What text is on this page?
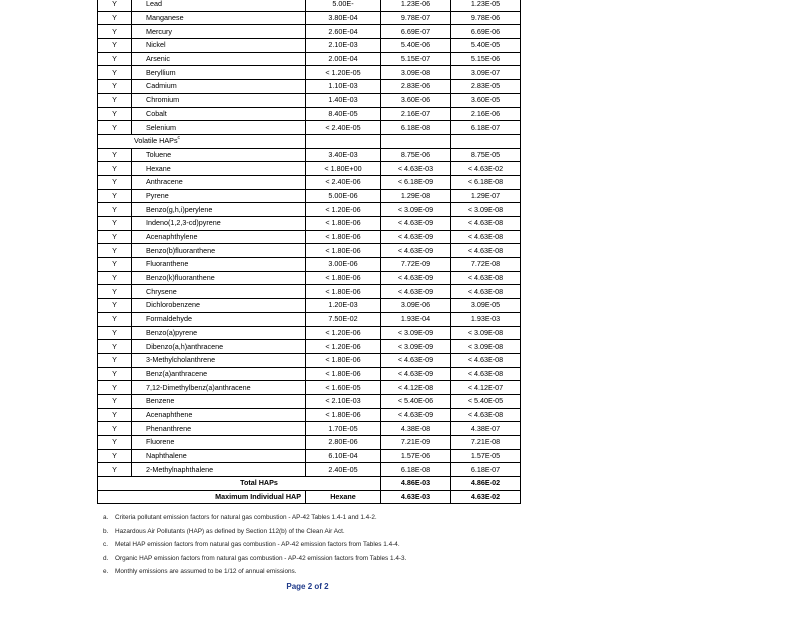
Y	Lead	5.00E-	1.23E-06	1.23E-05
Y	Manganese	3.80E-04	9.78E-07	9.78E-06
Y	Mercury	2.60E-04	6.69E-07	6.69E-06
Y	Nickel	2.10E-03	5.40E-06	5.40E-05
Y	Arsenic	2.00E-04	5.15E-07	5.15E-06
Y	Beryllium	< 1.20E-05	3.09E-08	3.09E-07
Y	Cadmium	1.10E-03	2.83E-06	2.83E-05
Y	Chromium	1.40E-03	3.60E-06	3.60E-05
Y	Cobalt	8.40E-05	2.16E-07	2.16E-06
Y	Selenium	< 2.40E-05	6.18E-08	6.18E-07
Volatile HAPs$^c$			
Y	Toluene	3.40E-03	8.75E-06	8.75E-05
Y	Hexane	< 1.80E+00	< 4.63E-03	< 4.63E-02
Y	Anthracene	< 2.40E-06	< 6.18E-09	< 6.18E-08
Y	Pyrene	5.00E-06	1.29E-08	1.29E-07
Y	Benzo(g,h,i)perylene	< 1.20E-06	< 3.09E-09	< 3.09E-08
Y	Indeno(1,2,3-cd)pyrene	< 1.80E-06	< 4.63E-09	< 4.63E-08
Y	Acenaphthylene	< 1.80E-06	< 4.63E-09	< 4.63E-08
Y	Benzo(b)fluoranthene	< 1.80E-06	< 4.63E-09	< 4.63E-08
Y	Fluoranthene	3.00E-06	7.72E-09	7.72E-08
Y	Benzo(k)fluoranthene	< 1.80E-06	< 4.63E-09	< 4.63E-08
Y	Chrysene	< 1.80E-06	< 4.63E-09	< 4.63E-08
Y	Dichlorobenzene	1.20E-03	3.09E-06	3.09E-05
Y	Formaldehyde	7.50E-02	1.93E-04	1.93E-03
Y	Benzo(a)pyrene	< 1.20E-06	< 3.09E-09	< 3.09E-08
Y	Dibenzo(a,h)anthracene	< 1.20E-06	< 3.09E-09	< 3.09E-08
Y	3-Methylcholanthrene	< 1.80E-06	< 4.63E-09	< 4.63E-08
Y	Benz(a)anthracene	< 1.80E-06	< 4.63E-09	< 4.63E-08
Y	7,12-Dimethylbenz(a)anthracene	< 1.60E-05	< 4.12E-08	< 4.12E-07
Y	Benzene	< 2.10E-03	< 5.40E-06	< 5.40E-05
Y	Acenaphthene	< 1.80E-06	< 4.63E-09	< 4.63E-08
Y	Phenanthrene	1.70E-05	4.38E-08	4.38E-07
Y	Fluorene	2.80E-06	7.21E-09	7.21E-08
Y	Naphthalene	6.10E-04	1.57E-06	1.57E-05
Y	2-Methylnaphthalene	2.40E-05	6.18E-08	6.18E-07
Total HAPs			4.86E-03	4.86E-02
Maximum Individual HAP		Hexane	4.63E-03	4.63E-02
a. Criteria pollutant emission factors for natural gas combustion - AP-42 Tables 1.4-1 and 1.4-2.
b. Hazardous Air Pollutants (HAP) as defined by Section 112(b) of the Clean Air Act.
c. Metal HAP emission factors from natural gas combustion - AP-42 emission factors from Tables 1.4-4.
d. Organic HAP emission factors from natural gas combustion - AP-42 emission factors from Tables 1.4-3.
e. Monthly emissions are assumed to be 1/12 of annual emissions.
Page 2 of 2
